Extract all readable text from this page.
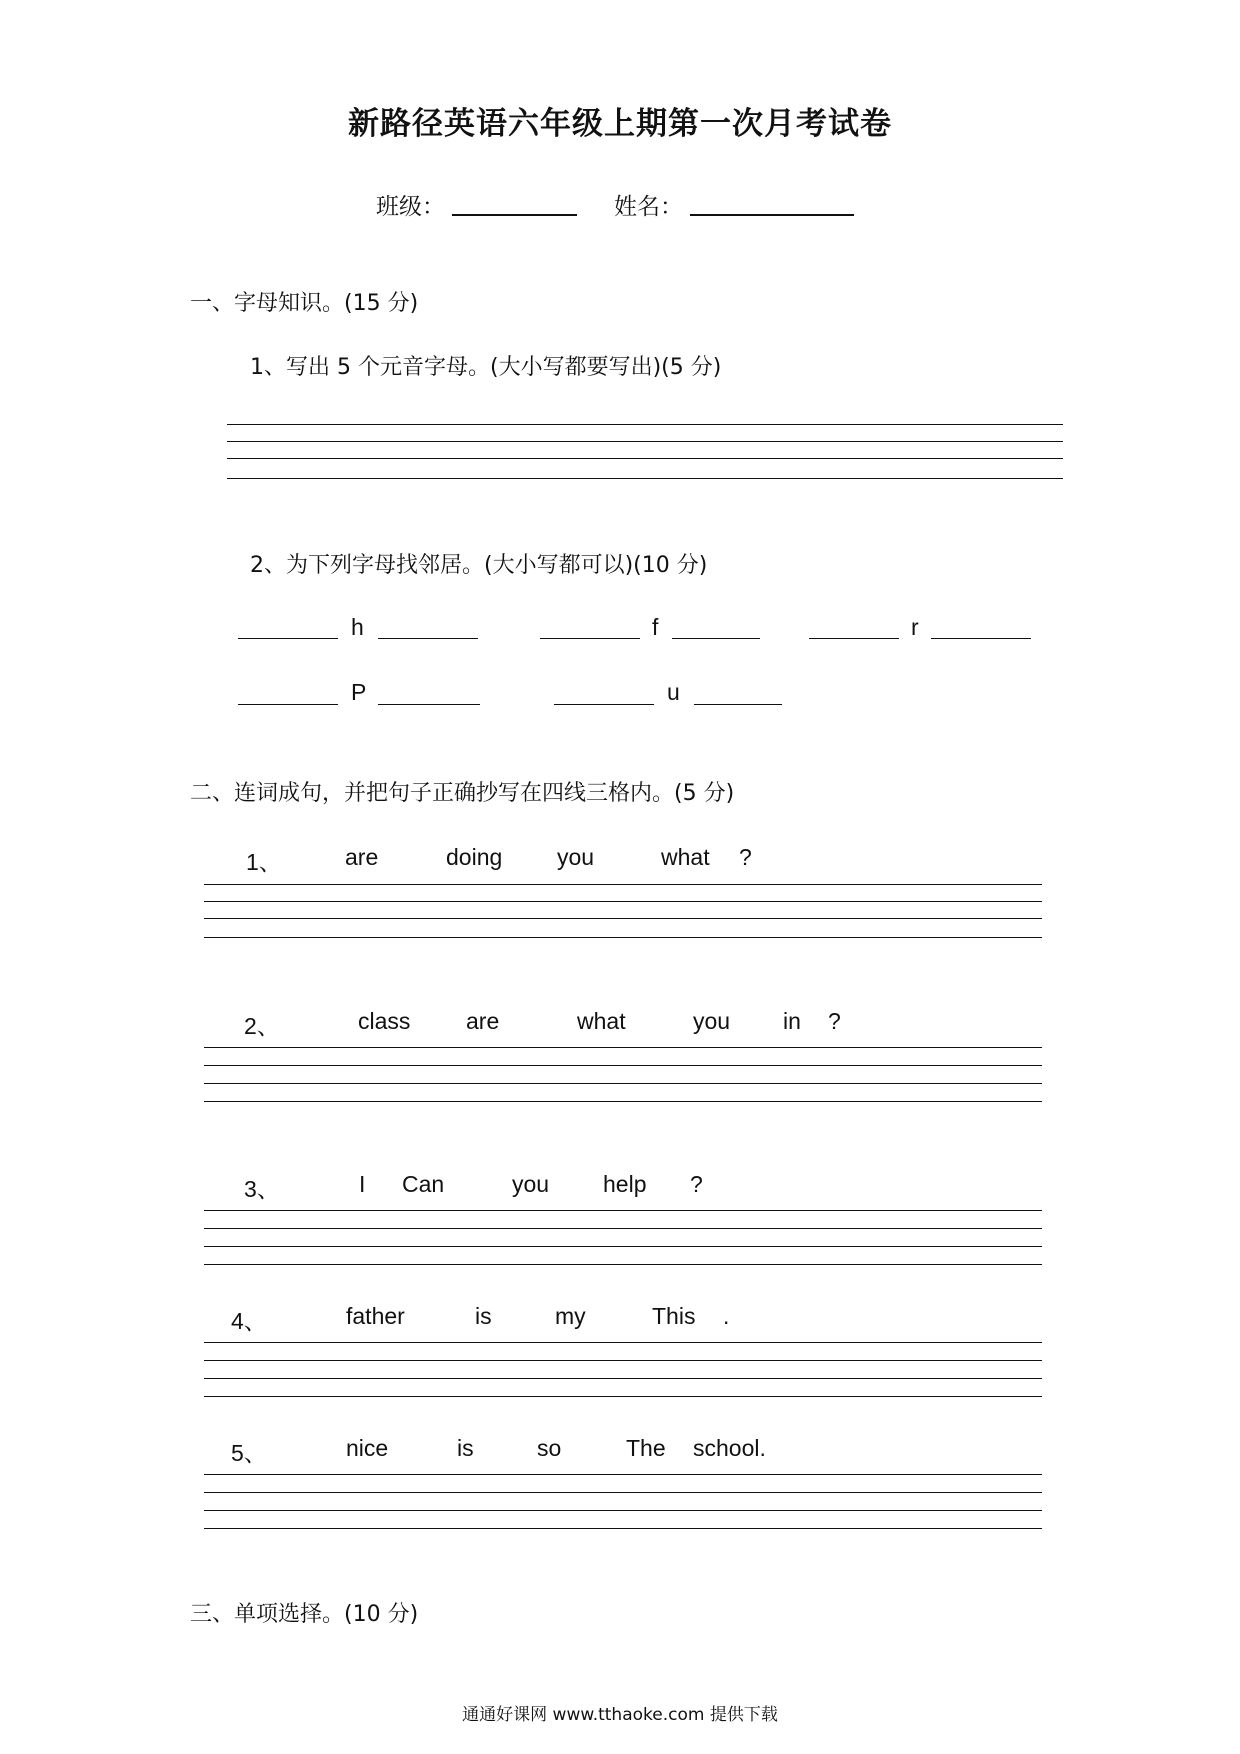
新路径英语六年级上期第一次月考试卷
班级：	姓名：
一、字母知识。(15 分)
1、写出 5 个元音字母。(大小写都要写出)(5 分)
2、为下列字母找邻居。(大小写都可以)(10 分)
h	f	r
P	u
二、连词成句，并把句子正确抄写在四线三格内。(5 分)
1、	are	doing you	what ?
2、	class are	what	you in ?
3、	I Can	you help ?
4、	father	is	my	This .
5、	nice	is	so	The school.
三、单项选择。(10 分)
通通好课网 www.tthaoke.com 提供下载
